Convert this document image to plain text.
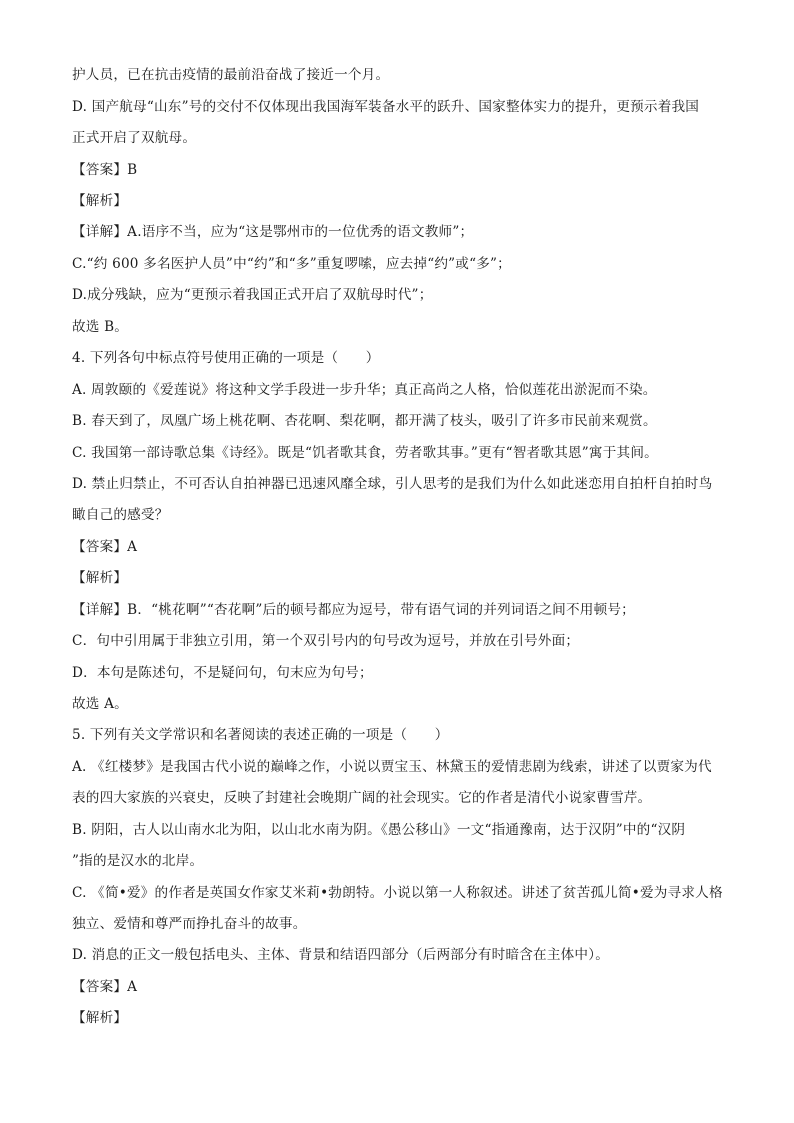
护人员，已在抗击疫情的最前沿奋战了接近一个月。
D. 国产航母“山东”号的交付不仅体现出我国海军装备水平的跃升、国家整体实力的提升，更预示着我国
正式开启了双航母。
【答案】B
【解析】
【详解】A.语序不当，应为“这是鄂州市的一位优秀的语文教师”；
C.“约 600 多名医护人员”中“约”和“多”重复啰嗦，应去掉“约”或“多”；
D.成分残缺，应为“更预示着我国正式开启了双航母时代”；
故选 B。
4. 下列各句中标点符号使用正确的一项是（　　）
A. 周敦颐的《爱莲说》将这种文学手段进一步升华；真正高尚之人格，恰似莲花出淤泥而不染。
B. 春天到了，凤凰广场上桃花啊、杏花啊、梨花啊，都开满了枝头，吸引了许多市民前来观赏。
C. 我国第一部诗歌总集《诗经》。既是“饥者歌其食，劳者歌其事。”更有“智者歌其恩”寓于其间。
D. 禁止归禁止，不可否认自拍神器已迅速风靡全球，引人思考的是我们为什么如此迷恋用自拍杆自拍时鸟
瞰自己的感受？
【答案】A
【解析】
【详解】B．“桃花啊”“杏花啊”后的顿号都应为逗号，带有语气词的并列词语之间不用顿号；
C．句中引用属于非独立引用，第一个双引号内的句号改为逗号，并放在引号外面；
D．本句是陈述句，不是疑问句，句末应为句号；
故选 A。
5. 下列有关文学常识和名著阅读的表述正确的一项是（　　）
A. 《红楼梦》是我国古代小说的巅峰之作，小说以贾宝玉、林黛玉的爱情悲剧为线索，讲述了以贾家为代
表的四大家族的兴衰史，反映了封建社会晚期广阔的社会现实。它的作者是清代小说家曹雪芹。
B. 阴阳，古人以山南水北为阳，以山北水南为阴。《愚公移山》一文“指通豫南，达于汉阴”中的“汉阴
”指的是汉水的北岸。
C. 《简•爱》的作者是英国女作家艾米莉•勃朗特。小说以第一人称叙述。讲述了贫苦孤儿简•爱为寻求人格
独立、爱情和尊严而挣扎奋斗的故事。
D. 消息的正文一般包括电头、主体、背景和结语四部分（后两部分有时暗含在主体中）。
【答案】A
【解析】
